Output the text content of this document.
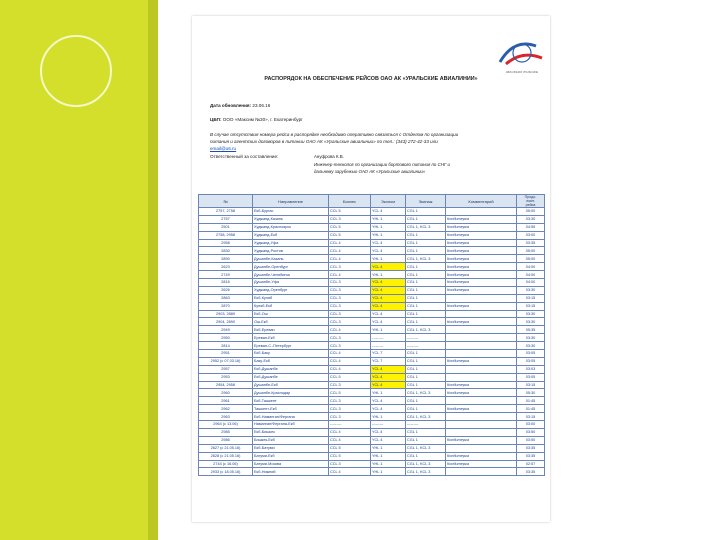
АВИАЛИНИИ УРАЛЬСКИЕ
РАСПОРЯДОК НА ОБЕСПЕЧЕНИЕ РЕЙСОВ ОАО АК «УРАЛЬСКИЕ АВИАЛИНИИ»
Дата обновления: 23.06.16
ЦБП: ООО «Максим №30», г. Екатеринбург
В случае отсутствия номера рейса в распорядке необходимо оперативно связаться с Отделом по организации
питания и агентских договоров в питании ОАО АК «Уральские авиалинии» по тел.: (343) 272-42-33 или
email@u6.ru
Ответственный за составление:	Ануфрова К.В.
Инженер-технолог по организации бортового питания по СНГ и
дальнему зарубежью ОАО АК «Уральские авиалинии»
№	Направление	Бизнес	Эконом	Экипаж	Комментарий	Продо-
лжит.
рейса
2757, 2758	Екб-Бургас	CCL 5	YCL 4	CGL 1		05:00
2757	Худжанд-Казань	CCL 3	YHL 1	CGL 1	Кондитерка	03:30
2501	Худжанд-Красноярск	CCL 5	YHL 1	CGL 1, KCL 3	Кондитерка	04:55
2758, 2958	Худжанд-Екб	CCL 5	YHL 1	CGL 1	Кондитерка	03:00
2958	Худжанд-Уфа	CCL 4	YCL 4	CGL 1	Кондитерка	03:35
2830	Худжанд-Ростов	CCL 4	YCL 4	CGL 1	Кондитерка	05:00
2890	Душанбе-Казань	CCL 4	YHL 1	CGL 1, KCL 3	Кондитерка	05:00
2623	Душанбе-Оренбург	CCL 3	YCL 4	CGL 1	Кондитерка	04:00
2749	Душанбе-Челябинск	CCL 4	YHL 1	CGL 1	Кондитерка	04:00
2816	Душанбе-Уфа	CCL 3	YCL 4	CGL 1	Кондитерка	04:00
2626	Худжанд-Оренбург	CCL 3	YCL 4	CGL 1	Кондитерка	03:30
2863	Екб-Куляб	CCL 3	YCL 4	CGL 1		03:15
2870	Куляб-Екб	CCL 3	YCL 4	CGL 1	Кондитерка	03:15
2903, 2889	Екб-Ош	CCL 3	YCL 4	CGL 1		03:30
2904, 2890	Ош-Екб	CCL 3	YCL 4	CGL 1	Кондитерка	03:30
2949	Екб-Ереван	CCL 4	YHL 1	CGL 1, KCL 3		05:35
2950	Ереван-Екб	CCL 3	---------	---------		03:30
2814	Ереван-С.-Петербург	CCL 3	---------	---------		03:30
2951	Екб-Баку	CCL 4	YCL 7	CGL 1		03:05
2952 (с 07.03.16)	Баку-Екб	CCL 4	YCL 7	CGL 1	Кондитерка	03:05
2957	Екб-Душанбе	CCL 4	YCL 4	CGL 1		03:03
2953	Екб-Душанбе	CCL 5	YCL 4	CGL 1		03:05
2954, 2958	Душанбе-Екб	CCL 3	YCL 4	CGL 1	Кондитерка	03:15
2960	Душанбе-Краснодар	CCL 5	YHL 1	CGL 1, KCL 3	Кондитерка	05:30
2961	Екб-Ташкент	CCL 3	YCL 4	CGL 1		01:45
2962	Ташкент-Екб	CCL 3	YCL 4	CGL 1	Кондитерка	01:45
2963	Екб-Наманган/Фергана	CCL 3	YHL 1	CGL 1, KCL 3		03:15
2964 (с 13.06)	Наманган/Фергана-Екб	---------	---------	---------		03:00
2985	Екб-Бишкек	CCL 4	YCL 4	CGL 1		03:50
2986	Бишкек-Екб	CCL 4	YCL 4	CGL 1	Кондитерка	03:50
2627 (с 21.05.16)	Екб-Батуми	CCL 5	YHL 1	CGL 1, KCL 3		03:35
2628 (с 21.05.16)	Батуми-Екб	CCL 5	YHL 1	CGL 1	Кондитерка	03:35
2744 (с 16.06)	Батуми-Москва	CCL 3	YHL 1	CGL 1, KCL 3	Кондитерка	02:57
2933 (с 18.05.16)	Екб-Нижний	CCL 4	YHL 1	CGL 1, KCL 3		03:35
